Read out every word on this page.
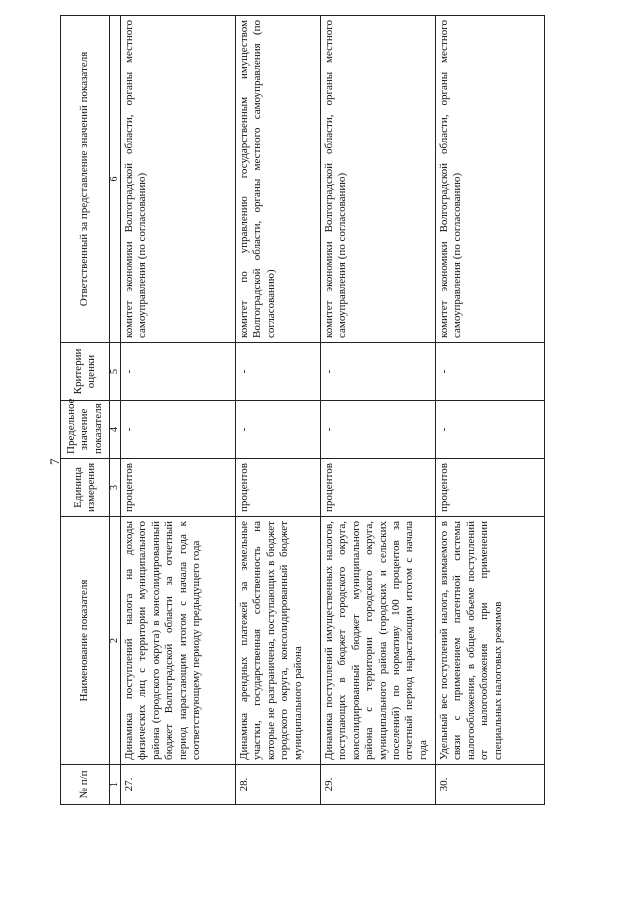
7
№ п/п	Наименование показателя	Единица измерения	Предельное значение показателя	Критерии оценки	Ответственный за представление значений показателя
1	2	3	4	5	6
27.	Динамика поступлений налога на доходы физических лиц с территории муниципального района (городского округа) в консолидированный бюджет Волгоградской области за отчетный период нарастающим итогом с начала года к соответствующему периоду предыдущего года	процентов	-	-	комитет экономики Волгоградской области, органы местного самоуправления (по согласованию)
28.	Динамика арендных платежей за земельные участки, государственная собственность на которые не разграничена, поступающих в бюджет городского округа, консолидированный бюджет муниципального района	процентов	-	-	комитет по управлению государственным имуществом Волгоградской области, органы местного самоуправления (по согласованию)
29.	Динамика поступлений имущественных налогов, поступающих в бюджет городского округа, консолидированный бюджет муниципального района с территории городского округа, муниципального района (городских и сельских поселений) по нормативу 100 процентов за отчетный период нарастающим итогом с начала года	процентов	-	-	комитет экономики Волгоградской области, органы местного самоуправления (по согласованию)
30.	Удельный вес поступлений налога, взимаемого в связи с применением патентной системы налогообложения, в общем объеме поступлений от налогообложения при применении специальных налоговых режимов	процентов	-	-	комитет экономики Волгоградской области, органы местного самоуправления (по согласованию)
